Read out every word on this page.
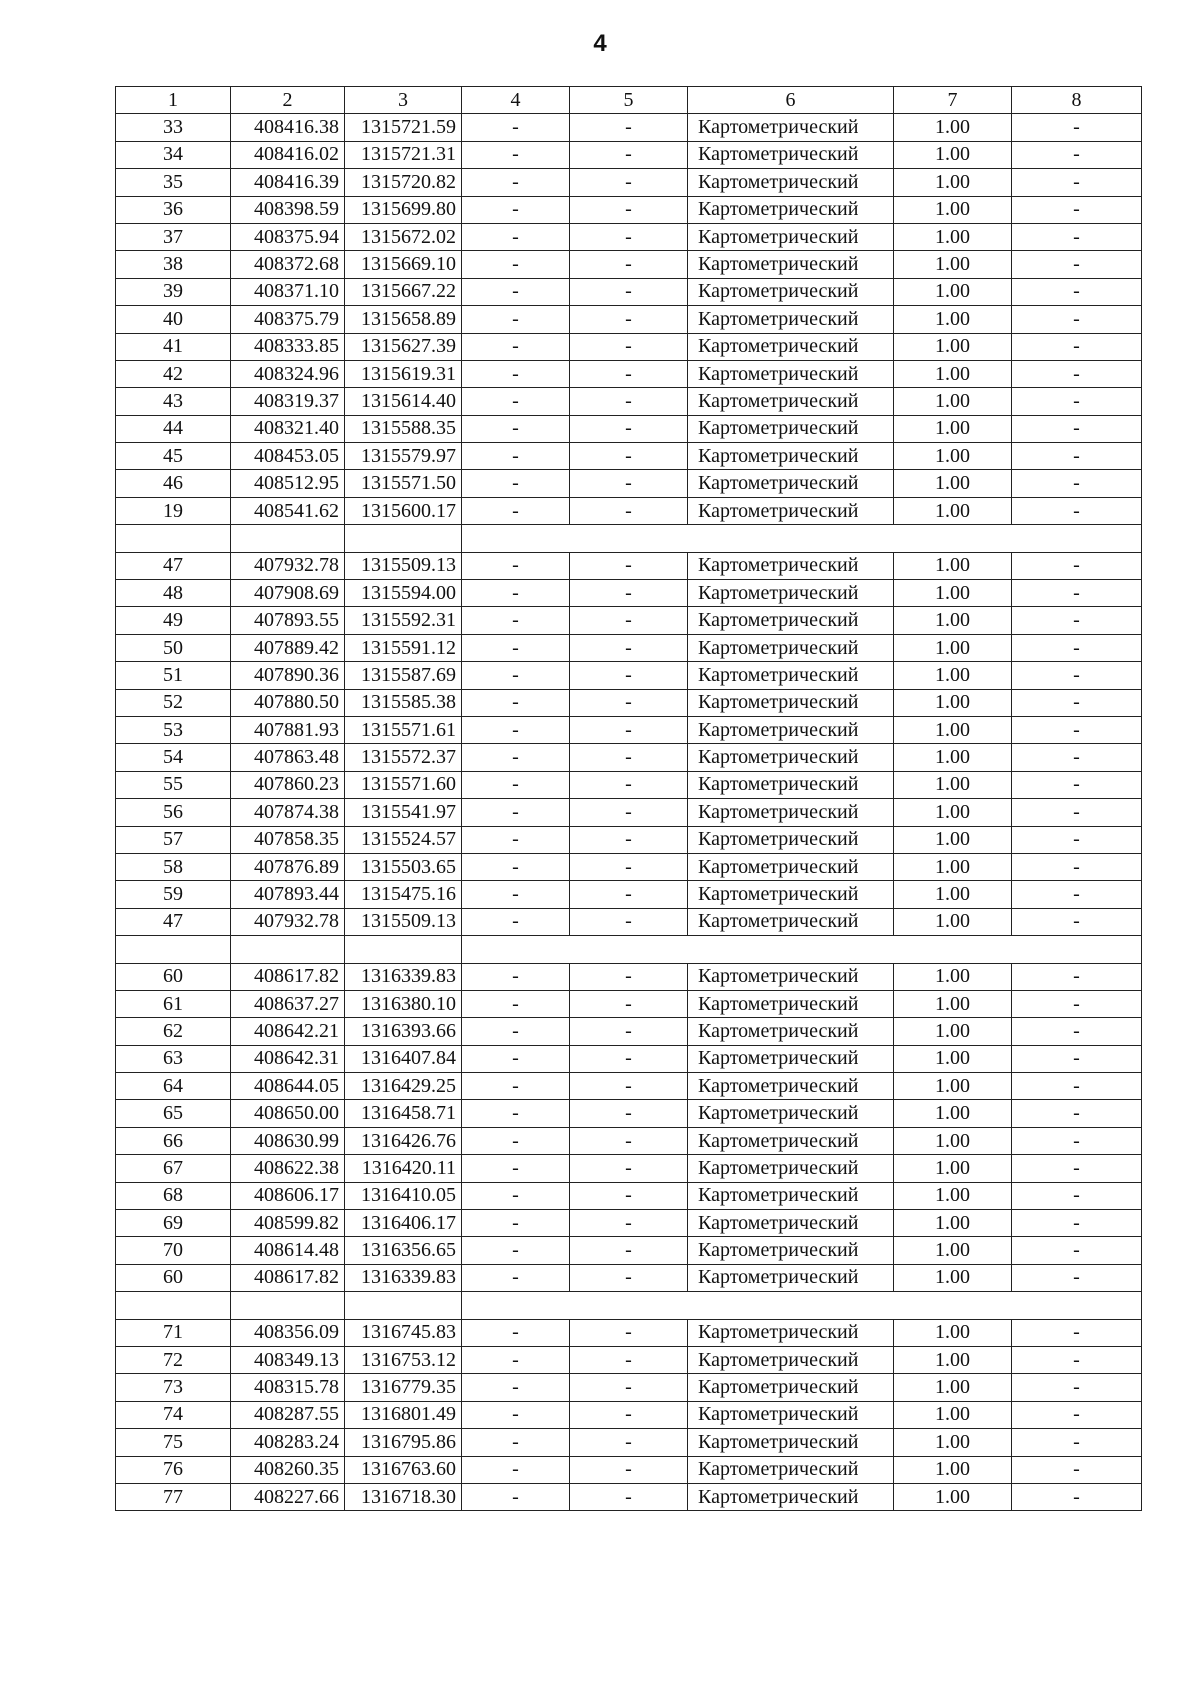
4
1	2	3	4	5	6	7	8
33	408416.38	1315721.59	-	-	Картометрический	1.00	-
34	408416.02	1315721.31	-	-	Картометрический	1.00	-
35	408416.39	1315720.82	-	-	Картометрический	1.00	-
36	408398.59	1315699.80	-	-	Картометрический	1.00	-
37	408375.94	1315672.02	-	-	Картометрический	1.00	-
38	408372.68	1315669.10	-	-	Картометрический	1.00	-
39	408371.10	1315667.22	-	-	Картометрический	1.00	-
40	408375.79	1315658.89	-	-	Картометрический	1.00	-
41	408333.85	1315627.39	-	-	Картометрический	1.00	-
42	408324.96	1315619.31	-	-	Картометрический	1.00	-
43	408319.37	1315614.40	-	-	Картометрический	1.00	-
44	408321.40	1315588.35	-	-	Картометрический	1.00	-
45	408453.05	1315579.97	-	-	Картометрический	1.00	-
46	408512.95	1315571.50	-	-	Картометрический	1.00	-
19	408541.62	1315600.17	-	-	Картометрический	1.00	-

47	407932.78	1315509.13	-	-	Картометрический	1.00	-
48	407908.69	1315594.00	-	-	Картометрический	1.00	-
49	407893.55	1315592.31	-	-	Картометрический	1.00	-
50	407889.42	1315591.12	-	-	Картометрический	1.00	-
51	407890.36	1315587.69	-	-	Картометрический	1.00	-
52	407880.50	1315585.38	-	-	Картометрический	1.00	-
53	407881.93	1315571.61	-	-	Картометрический	1.00	-
54	407863.48	1315572.37	-	-	Картометрический	1.00	-
55	407860.23	1315571.60	-	-	Картометрический	1.00	-
56	407874.38	1315541.97	-	-	Картометрический	1.00	-
57	407858.35	1315524.57	-	-	Картометрический	1.00	-
58	407876.89	1315503.65	-	-	Картометрический	1.00	-
59	407893.44	1315475.16	-	-	Картометрический	1.00	-
47	407932.78	1315509.13	-	-	Картометрический	1.00	-

60	408617.82	1316339.83	-	-	Картометрический	1.00	-
61	408637.27	1316380.10	-	-	Картометрический	1.00	-
62	408642.21	1316393.66	-	-	Картометрический	1.00	-
63	408642.31	1316407.84	-	-	Картометрический	1.00	-
64	408644.05	1316429.25	-	-	Картометрический	1.00	-
65	408650.00	1316458.71	-	-	Картометрический	1.00	-
66	408630.99	1316426.76	-	-	Картометрический	1.00	-
67	408622.38	1316420.11	-	-	Картометрический	1.00	-
68	408606.17	1316410.05	-	-	Картометрический	1.00	-
69	408599.82	1316406.17	-	-	Картометрический	1.00	-
70	408614.48	1316356.65	-	-	Картометрический	1.00	-
60	408617.82	1316339.83	-	-	Картометрический	1.00	-

71	408356.09	1316745.83	-	-	Картометрический	1.00	-
72	408349.13	1316753.12	-	-	Картометрический	1.00	-
73	408315.78	1316779.35	-	-	Картометрический	1.00	-
74	408287.55	1316801.49	-	-	Картометрический	1.00	-
75	408283.24	1316795.86	-	-	Картометрический	1.00	-
76	408260.35	1316763.60	-	-	Картометрический	1.00	-
77	408227.66	1316718.30	-	-	Картометрический	1.00	-
